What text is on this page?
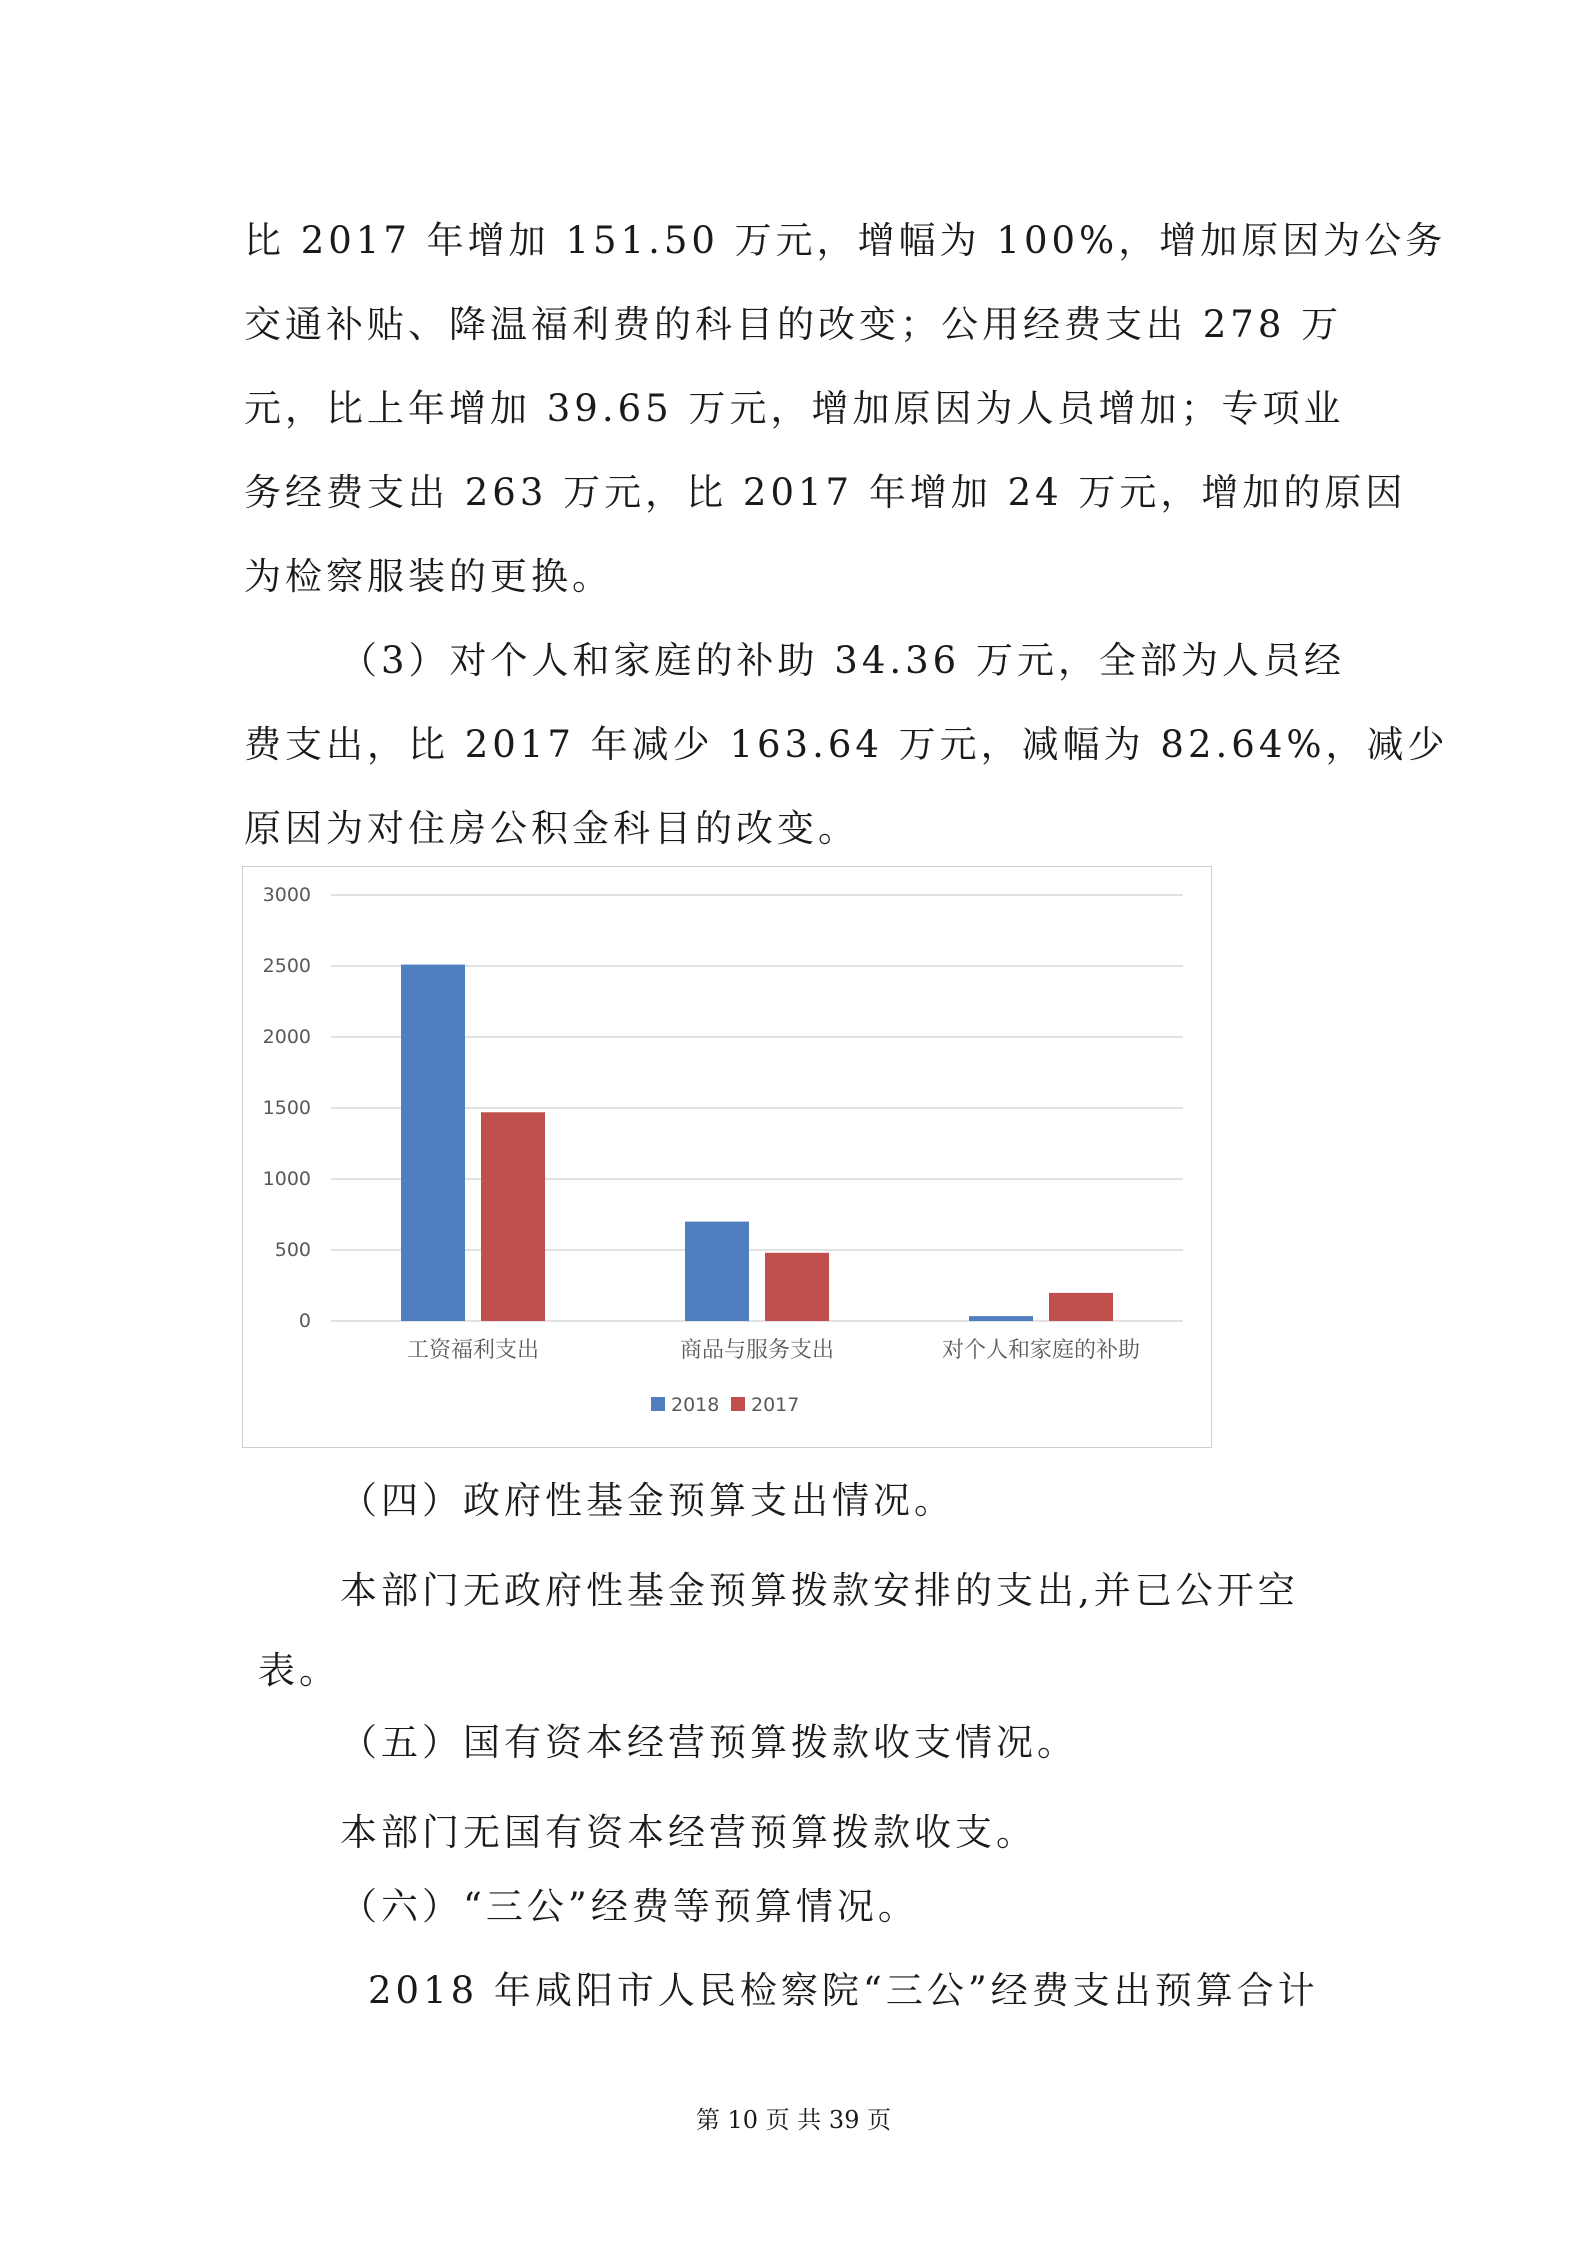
比 2017 年增加 151.50 万元，增幅为 100%，增加原因为公务
交通补贴、降温福利费的科目的改变；公用经费支出 278 万
元，比上年增加 39.65 万元，增加原因为人员增加；专项业
务经费支出 263 万元，比 2017 年增加 24 万元，增加的原因
为检察服装的更换。
（3）对个人和家庭的补助 34.36 万元，全部为人员经
费支出，比 2017 年减少 163.64 万元，减幅为 82.64%，减少
原因为对住房公积金科目的改变。
0
500
1000
1500
2000
2500
3000
工资福利支出	商品与服务支出	对个人和家庭的补助
2018 2017
（四）政府性基金预算支出情况。
本部门无政府性基金预算拨款安排的支出,并已公开空
表。
（五）国有资本经营预算拨款收支情况。
本部门无国有资本经营预算拨款收支。
（六）“三公”经费等预算情况。
2018 年咸阳市人民检察院“三公”经费支出预算合计
第 10 页 共 39 页
